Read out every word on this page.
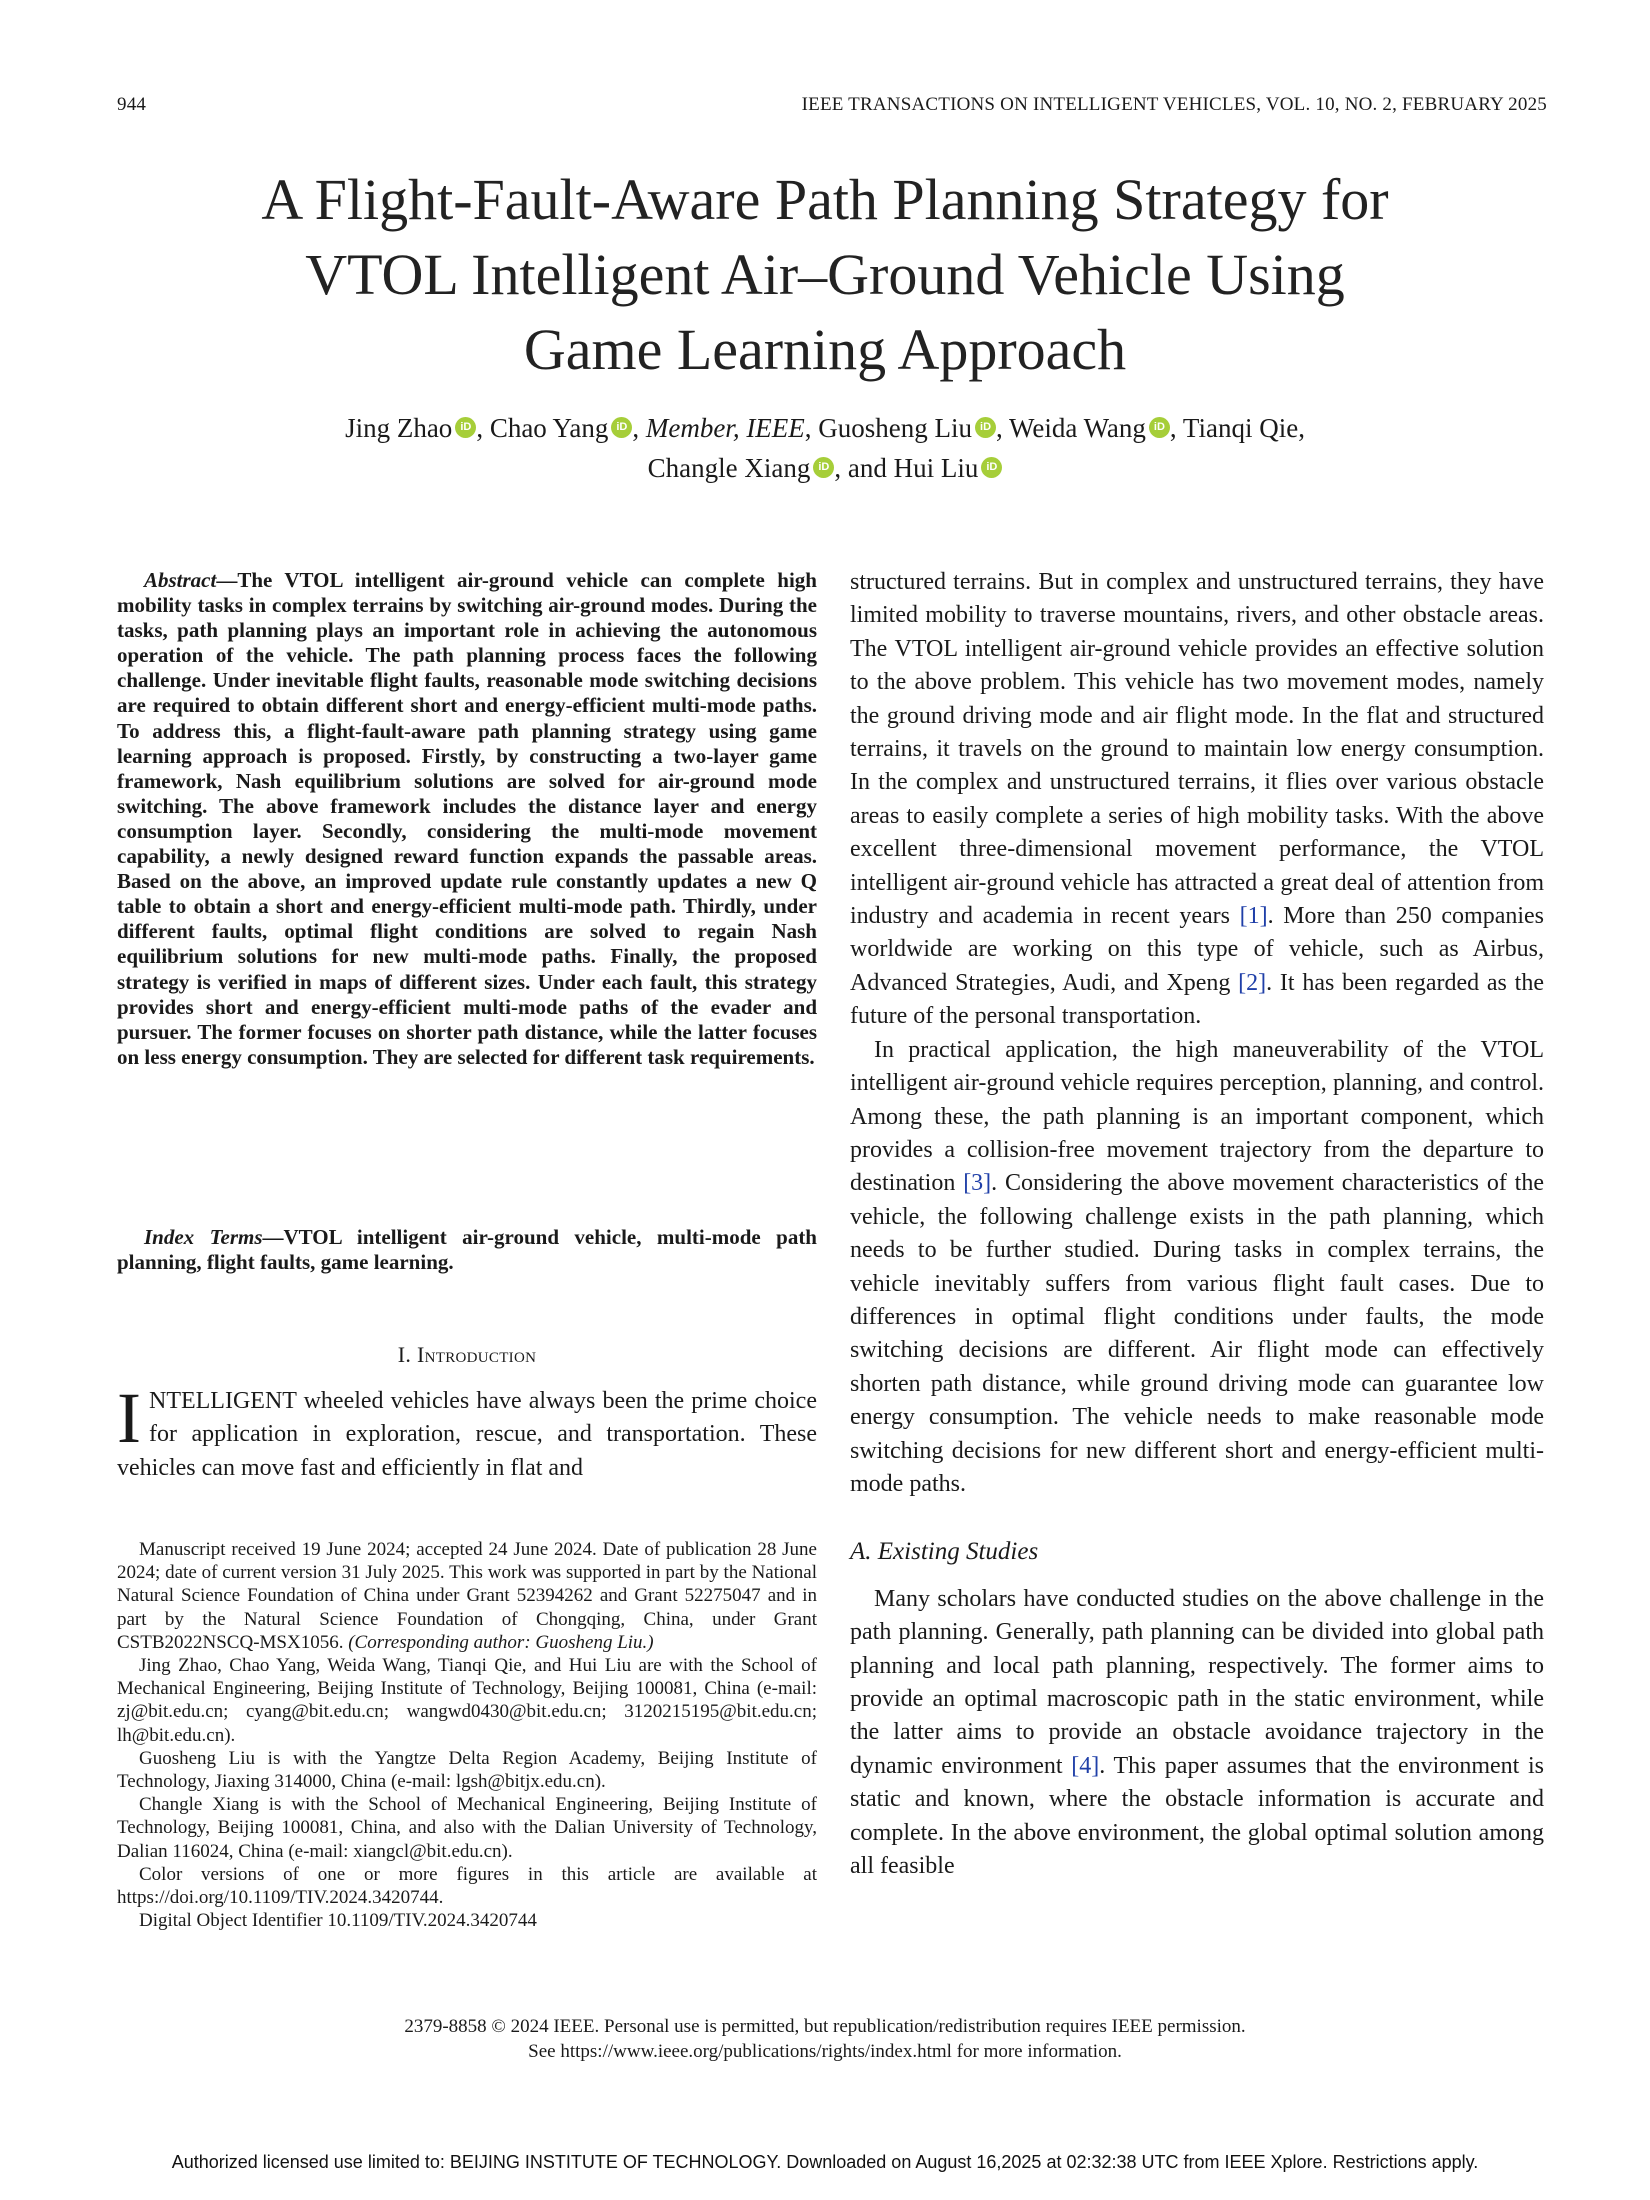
944	IEEE TRANSACTIONS ON INTELLIGENT VEHICLES, VOL. 10, NO. 2, FEBRUARY 2025
A Flight-Fault-Aware Path Planning Strategy for
VTOL Intelligent Air–Ground Vehicle Using
Game Learning Approach
Jing Zhao iD , Chao Yang iD , Member, IEEE, Guosheng Liu iD , Weida Wang iD , Tianqi Qie,
Changle Xiang iD , and Hui Liu iD

Abstract—The VTOL intelligent air-ground vehicle can complete high mobility tasks in complex terrains by switching air-ground modes. During the tasks, path planning plays an important role in achieving the autonomous operation of the vehicle. The path planning process faces the following challenge. Under inevitable flight faults, reasonable mode switching decisions are required to obtain different short and energy-efficient multi-mode paths. To address this, a flight-fault-aware path planning strategy using game learning approach is proposed. Firstly, by constructing a two-layer game framework, Nash equilibrium solutions are solved for air-ground mode switching. The above framework includes the distance layer and energy consumption layer. Secondly, considering the multi-mode movement capability, a newly designed reward function expands the passable areas. Based on the above, an improved update rule constantly updates a new Q table to obtain a short and energy-efficient multi-mode path. Thirdly, under different faults, optimal flight conditions are solved to regain Nash equilibrium solutions for new multi-mode paths. Finally, the proposed strategy is verified in maps of different sizes. Under each fault, this strategy provides short and energy-efficient multi-mode paths of the evader and pursuer. The former focuses on shorter path distance, while the latter focuses on less energy consumption. They are selected for different task requirements.

Index Terms—VTOL intelligent air-ground vehicle, multi-mode path planning, flight faults, game learning.

I. Introduction

INTELLIGENT wheeled vehicles have always been the prime choice for application in exploration, rescue, and transportation. These vehicles can move fast and efficiently in flat and

Manuscript received 19 June 2024; accepted 24 June 2024. Date of publication 28 June 2024; date of current version 31 July 2025. This work was supported in part by the National Natural Science Foundation of China under Grant 52394262 and Grant 52275047 and in part by the Natural Science Foundation of Chongqing, China, under Grant CSTB2022NSCQ-MSX1056. (Corresponding author: Guosheng Liu.)

Jing Zhao, Chao Yang, Weida Wang, Tianqi Qie, and Hui Liu are with the School of Mechanical Engineering, Beijing Institute of Technology, Beijing 100081, China (e-mail: zj@bit.edu.cn; cyang@bit.edu.cn; wangwd0430@bit.edu.cn; 3120215195@bit.edu.cn; lh@bit.edu.cn).

Guosheng Liu is with the Yangtze Delta Region Academy, Beijing Institute of Technology, Jiaxing 314000, China (e-mail: lgsh@bitjx.edu.cn).

Changle Xiang is with the School of Mechanical Engineering, Beijing Institute of Technology, Beijing 100081, China, and also with the Dalian University of Technology, Dalian 116024, China (e-mail: xiangcl@bit.edu.cn).

Color versions of one or more figures in this article are available at https://doi.org/10.1109/TIV.2024.3420744.

Digital Object Identifier 10.1109/TIV.2024.3420744

structured terrains. But in complex and unstructured terrains, they have limited mobility to traverse mountains, rivers, and other obstacle areas. The VTOL intelligent air-ground vehicle provides an effective solution to the above problem. This vehicle has two movement modes, namely the ground driving mode and air flight mode. In the flat and structured terrains, it travels on the ground to maintain low energy consumption. In the complex and unstructured terrains, it flies over various obstacle areas to easily complete a series of high mobility tasks. With the above excellent three-dimensional movement performance, the VTOL intelligent air-ground vehicle has attracted a great deal of attention from industry and academia in recent years [1]. More than 250 companies worldwide are working on this type of vehicle, such as Airbus, Advanced Strategies, Audi, and Xpeng [2]. It has been regarded as the future of the personal transportation.

In practical application, the high maneuverability of the VTOL intelligent air-ground vehicle requires perception, planning, and control. Among these, the path planning is an important component, which provides a collision-free movement trajectory from the departure to destination [3]. Considering the above movement characteristics of the vehicle, the following challenge exists in the path planning, which needs to be further studied. During tasks in complex terrains, the vehicle inevitably suffers from various flight fault cases. Due to differences in optimal flight conditions under faults, the mode switching decisions are different. Air flight mode can effectively shorten path distance, while ground driving mode can guarantee low energy consumption. The vehicle needs to make reasonable mode switching decisions for new different short and energy-efficient multi-mode paths.

A. Existing Studies

Many scholars have conducted studies on the above challenge in the path planning. Generally, path planning can be divided into global path planning and local path planning, respectively. The former aims to provide an optimal macroscopic path in the static environment, while the latter aims to provide an obstacle avoidance trajectory in the dynamic environment [4]. This paper assumes that the environment is static and known, where the obstacle information is accurate and complete. In the above environment, the global optimal solution among all feasible

2379-8858 © 2024 IEEE. Personal use is permitted, but republication/redistribution requires IEEE permission.
See https://www.ieee.org/publications/rights/index.html for more information.
Authorized licensed use limited to: BEIJING INSTITUTE OF TECHNOLOGY. Downloaded on August 16,2025 at 02:32:38 UTC from IEEE Xplore. Restrictions apply.
